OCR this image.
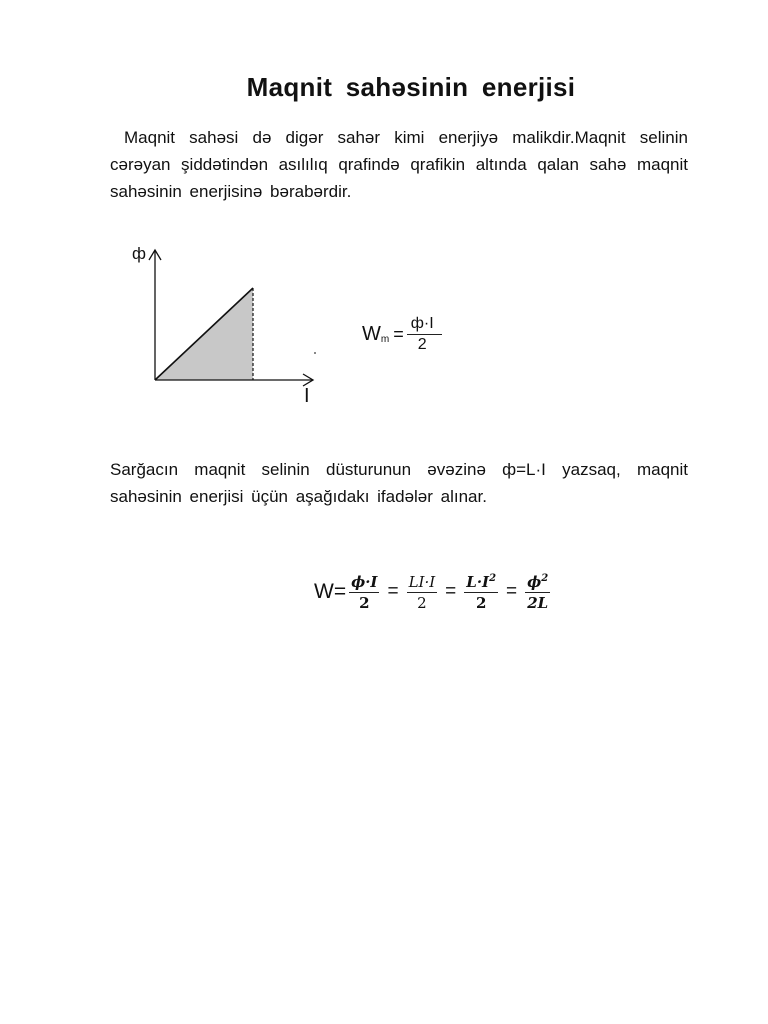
Maqnit sahəsinin enerjisi
Maqnit sahəsi də digər sahər kimi enerjiyə malikdir.Maqnit selinin cərəyan şiddətindən asılılıq qrafində qrafikin altında qalan sahə maqnit sahəsinin enerjisinə bərabərdir.
ф
I
W $m = \frac{ф\cdot I}{2}$
Sarğacın maqnit selinin düsturunun əvəzinə ф=L·I yazsaq, maqnit sahəsinin enerjisi üçün aşağıdakı ifadələr alınar.
$W= \frac{\phi\cdot I}{2} = \frac{LI\cdot I}{2} = \frac{L\cdot I^2}{2} = \frac{\phi^2}{2L}$
